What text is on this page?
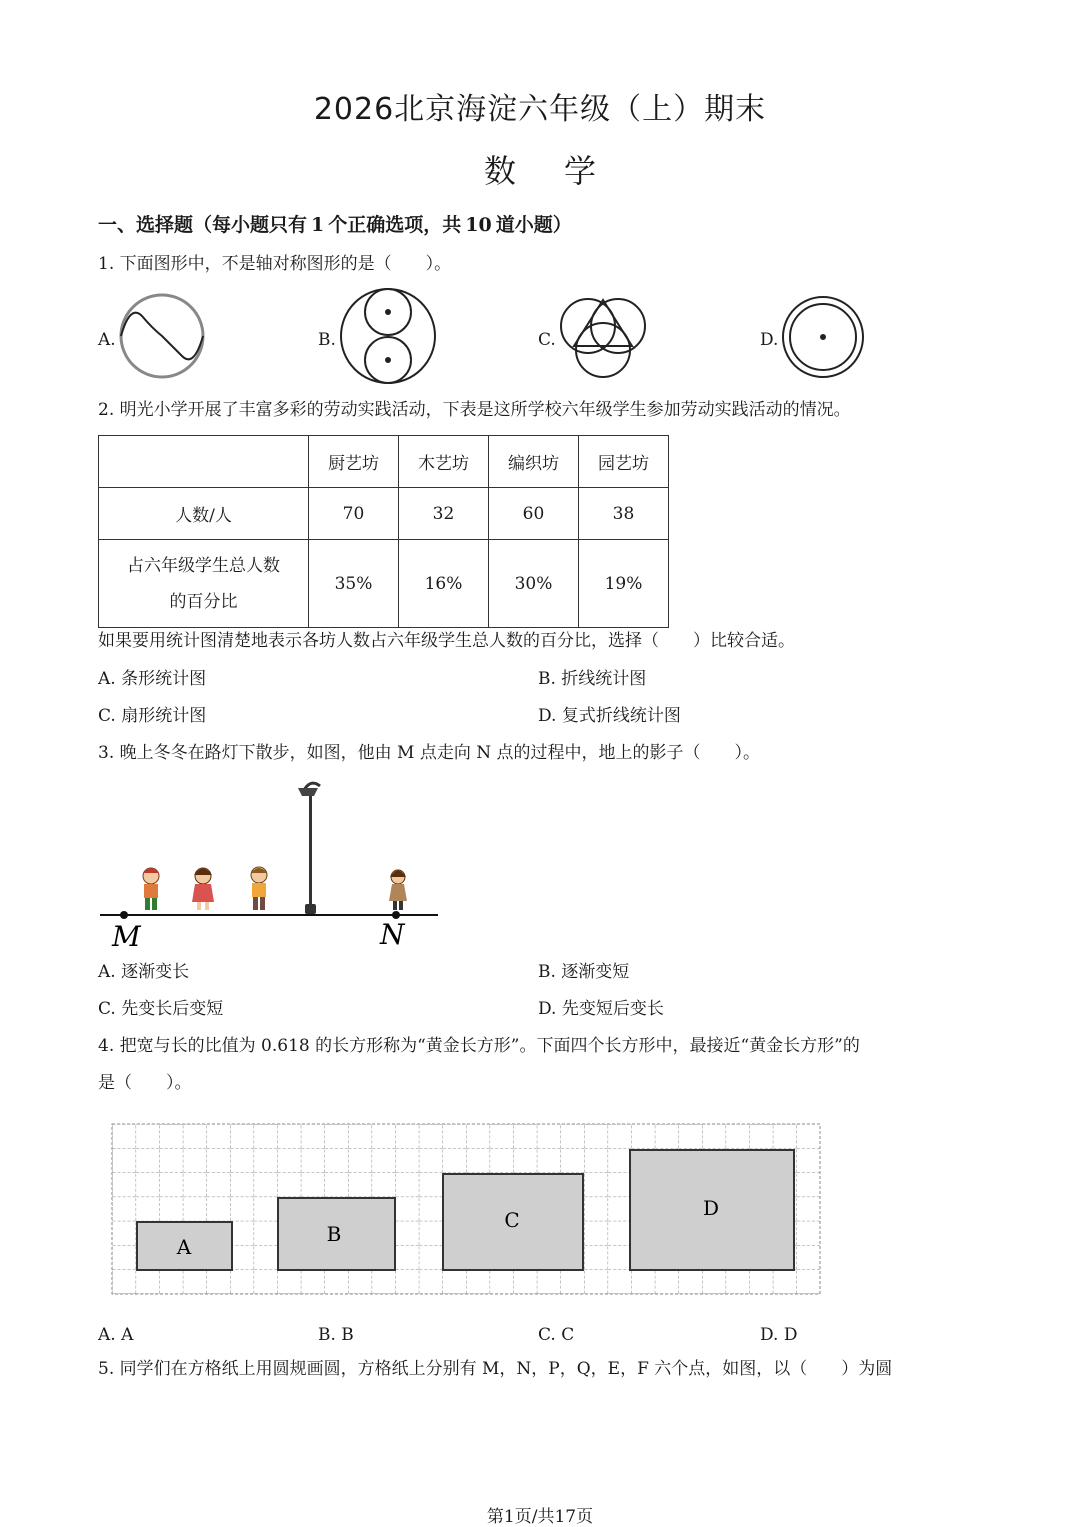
2026北京海淀六年级（上）期末
数学
一、选择题（每小题只有 1 个正确选项，共 10 道小题）
1. 下面图形中，不是轴对称图形的是（　　）。
A.	B.	C.	D.
2. 明光小学开展了丰富多彩的劳动实践活动，下表是这所学校六年级学生参加劳动实践活动的情况。
	厨艺坊	木艺坊	编织坊	园艺坊
人数/人	70	32	60	38

占六年级学生总人数
的百分比	35%	16%	30%	19%
如果要用统计图清楚地表示各坊人数占六年级学生总人数的百分比，选择（　　）比较合适。
A. 条形统计图	B. 折线统计图
C. 扇形统计图	D. 复式折线统计图
3. 晚上冬冬在路灯下散步，如图，他由 M 点走向 N 点的过程中，地上的影子（　　）。
M	N
A. 逐渐变长	B. 逐渐变短
C. 先变长后变短	D. 先变短后变长
4. 把宽与长的比值为 0.618 的长方形称为“黄金长方形”。下面四个长方形中，最接近“黄金长方形”的
是（　　）。
A
B
C	D
A. A	B. B	C. C	D. D
5. 同学们在方格纸上用圆规画圆，方格纸上分别有 M，N，P，Q，E，F 六个点，如图，以（　　）为圆
第1页/共17页
